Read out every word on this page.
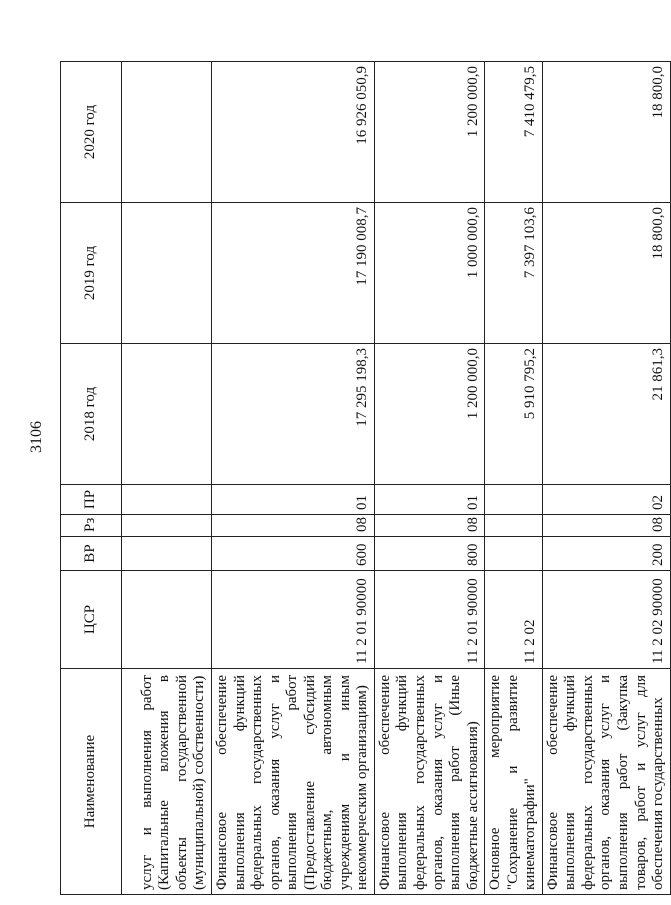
3106
Наименование	ЦСР	ВР	Рз	ПР	2018 год	2019 год	2020 год
услуг и выполнения работ (Капитальные вложения в объекты государственной (муниципальной) собственности)							
Финансовое обеспечение выполнения функций федеральных государственных органов, оказания услуг и выполнения работ (Предоставление субсидий бюджетным, автономным учреждениям и иным некоммерческим организациям)	11 2 01 90000	600	08	01	17 295 198,3	17 190 008,7	16 926 050,9
Финансовое обеспечение выполнения функций федеральных государственных органов, оказания услуг и выполнения работ (Иные бюджетные ассигнования)	11 2 01 90000	800	08	01	1 200 000,0	1 000 000,0	1 200 000,0
Основное мероприятие "Сохранение и развитие кинематографии"	11 2 02				5 910 795,2	7 397 103,6	7 410 479,5
Финансовое обеспечение выполнения функций федеральных государственных органов, оказания услуг и выполнения работ (Закупка товаров, работ и услуг для обеспечения государственных	11 2 02 90000	200	08	02	21 861,3	18 800,0	18 800,0
